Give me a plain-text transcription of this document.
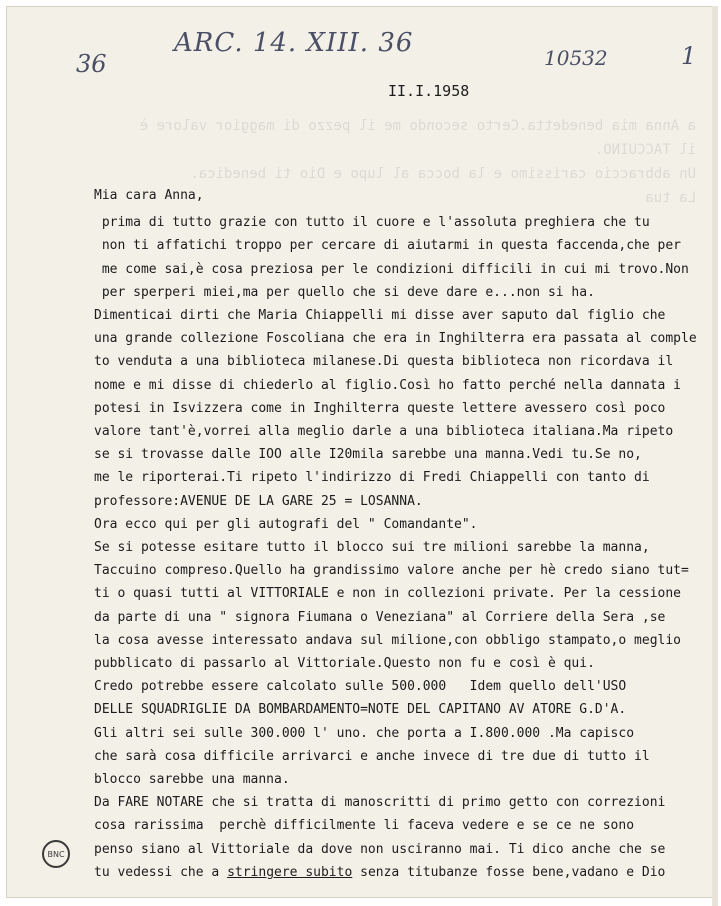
ARC. 14. XIII. 36
36	10532	1
II.I.1958
a Anna mia benedetta.Certo secondo me il pezzo di maggior valore è
il TACCUINO.
Un abbraccio carissimo e la bocca al lupo e Dio ti benedica.
La tua
Mia cara Anna,
prima di tutto grazie con tutto il cuore e l'assoluta preghiera che tu
non ti affatichi troppo per cercare di aiutarmi in questa faccenda,che per
me come sai,è cosa preziosa per le condizioni difficili in cui mi trovo.Non
per sperperi miei,ma per quello che si deve dare e...non si ha.
Dimenticai dirti che Maria Chiappelli mi disse aver saputo dal figlio che
una grande collezione Foscoliana che era in Inghilterra era passata al comple
to venduta a una biblioteca milanese.Di questa biblioteca non ricordava il
nome e mi disse di chiederlo al figlio.Così ho fatto perché nella dannata i
potesi in Isvizzera come in Inghilterra queste lettere avessero così poco
valore tant'è,vorrei alla meglio darle a una biblioteca italiana.Ma ripeto
se si trovasse dalle IOO alle I20mila sarebbe una manna.Vedi tu.Se no,
me le riporterai.Ti ripeto l'indirizzo di Fredi Chiappelli con tanto di
professore:AVENUE DE LA GARE 25 = LOSANNA.
Ora ecco qui per gli autografi del " Comandante".
Se si potesse esitare tutto il blocco sui tre milioni sarebbe la manna,
Taccuino compreso.Quello ha grandissimo valore anche per hè credo siano tut=
ti o quasi tutti al VITTORIALE e non in collezioni private. Per la cessione
da parte di una " signora Fiumana o Veneziana" al Corriere della Sera ,se
la cosa avesse interessato andava sul milione,con obbligo stampato,o meglio
pubblicato di passarlo al Vittoriale.Questo non fu e così è qui.
Credo potrebbe essere calcolato sulle 500.000   Idem quello dell'USO
DELLE SQUADRIGLIE DA BOMBARDAMENTO=NOTE DEL CAPITANO AV ATORE G.D'A.
Gli altri sei sulle 300.000 l' uno. che porta a I.800.000 .Ma capisco
che sarà cosa difficile arrivarci e anche invece di tre due di tutto il
blocco sarebbe una manna.
Da FARE NOTARE che si tratta di manoscritti di primo getto con correzioni
cosa rarissima  perchè difficilmente li faceva vedere e se ce ne sono
penso siano al Vittoriale da dove non usciranno mai. Ti dico anche che se
tu vedessi che a stringere subito senza titubanze fosse bene,vadano e Dio
BNC
